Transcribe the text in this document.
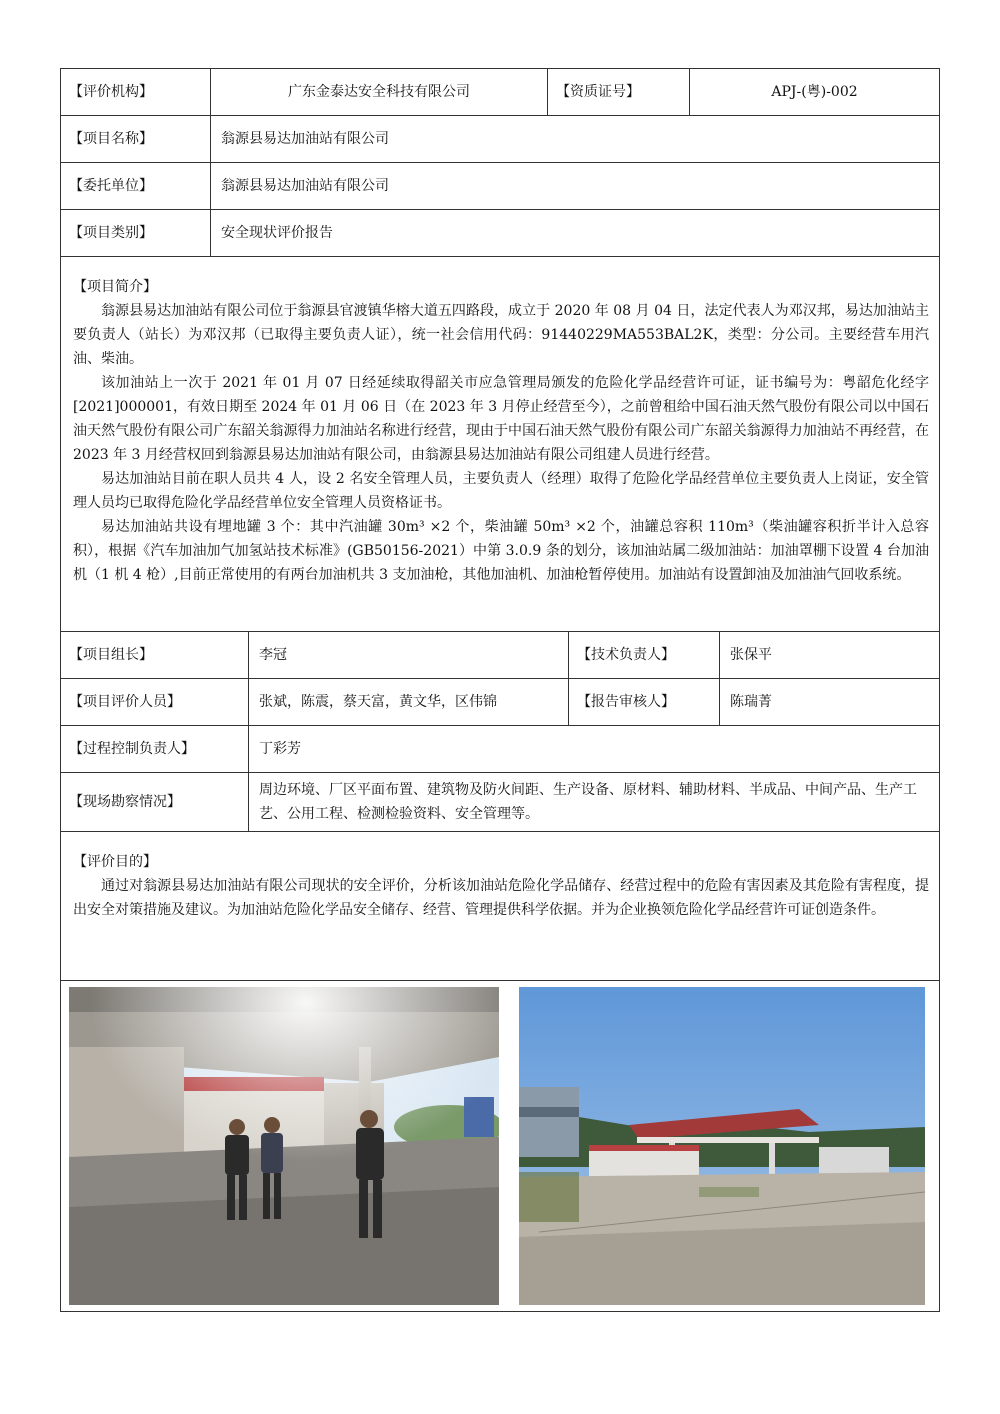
【评价机构】	广东金泰达安全科技有限公司		【资质证号】		APJ-(粤)-002	
【项目名称】	翁源县易达加油站有限公司					
【委托单位】	翁源县易达加油站有限公司					
【项目类别】	安全现状评价报告					

【项目简介】

翁源县易达加油站有限公司位于翁源县官渡镇华榕大道五四路段，成立于 2020 年 08 月 04 日，法定代表人为邓汉邦，易达加油站主要负责人（站长）为邓汉邦（已取得主要负责人证），统一社会信用代码：91440229MA553BAL2K，类型：分公司。主要经营车用汽油、柴油。

该加油站上一次于 2021 年 01 月 07 日经延续取得韶关市应急管理局颁发的危险化学品经营许可证，证书编号为：粤韶危化经字[2021]000001，有效日期至 2024 年 01 月 06 日（在 2023 年 3 月停止经营至今），之前曾租给中国石油天然气股份有限公司以中国石油天然气股份有限公司广东韶关翁源得力加油站名称进行经营，现由于中国石油天然气股份有限公司广东韶关翁源得力加油站不再经营，在 2023 年 3 月经营权回到翁源县易达加油站有限公司，由翁源县易达加油站有限公司组建人员进行经营。

易达加油站目前在职人员共 4 人，设 2 名安全管理人员，主要负责人（经理）取得了危险化学品经营单位主要负责人上岗证，安全管理人员均已取得危险化学品经营单位安全管理人员资格证书。

易达加油站共设有埋地罐 3 个：其中汽油罐 30m³ ×2 个，柴油罐 50m³ ×2 个，油罐总容积 110m³（柴油罐容积折半计入总容积），根据《汽车加油加气加氢站技术标准》(GB50156-2021）中第 3.0.9 条的划分，该加油站属二级加油站：加油罩棚下设置 4 台加油机（1 机 4 枪）,目前正常使用的有两台加油机共 3 支加油枪，其他加油机、加油枪暂停使用。加油站有设置卸油及加油油气回收系统。						

【项目组长】		李冠		【技术负责人】		张保平
【项目评价人员】		张斌，陈震，蔡天富，黄文华，区伟锦		【报告审核人】		陈瑞菁
【过程控制负责人】		丁彩芳				
【现场勘察情况】		周边环境、厂区平面布置、建筑物及防火间距、生产设备、原材料、辅助材料、半成品、中间产品、生产工艺、公用工程、检测检验资料、安全管理等。				

【评价目的】

通过对翁源县易达加油站有限公司现状的安全评价，分析该加油站危险化学品储存、经营过程中的危险有害因素及其危险有害程度，提出安全对策措施及建议。为加油站危险化学品安全储存、经营、管理提供科学依据。并为企业换领危险化学品经营许可证创造条件。						
